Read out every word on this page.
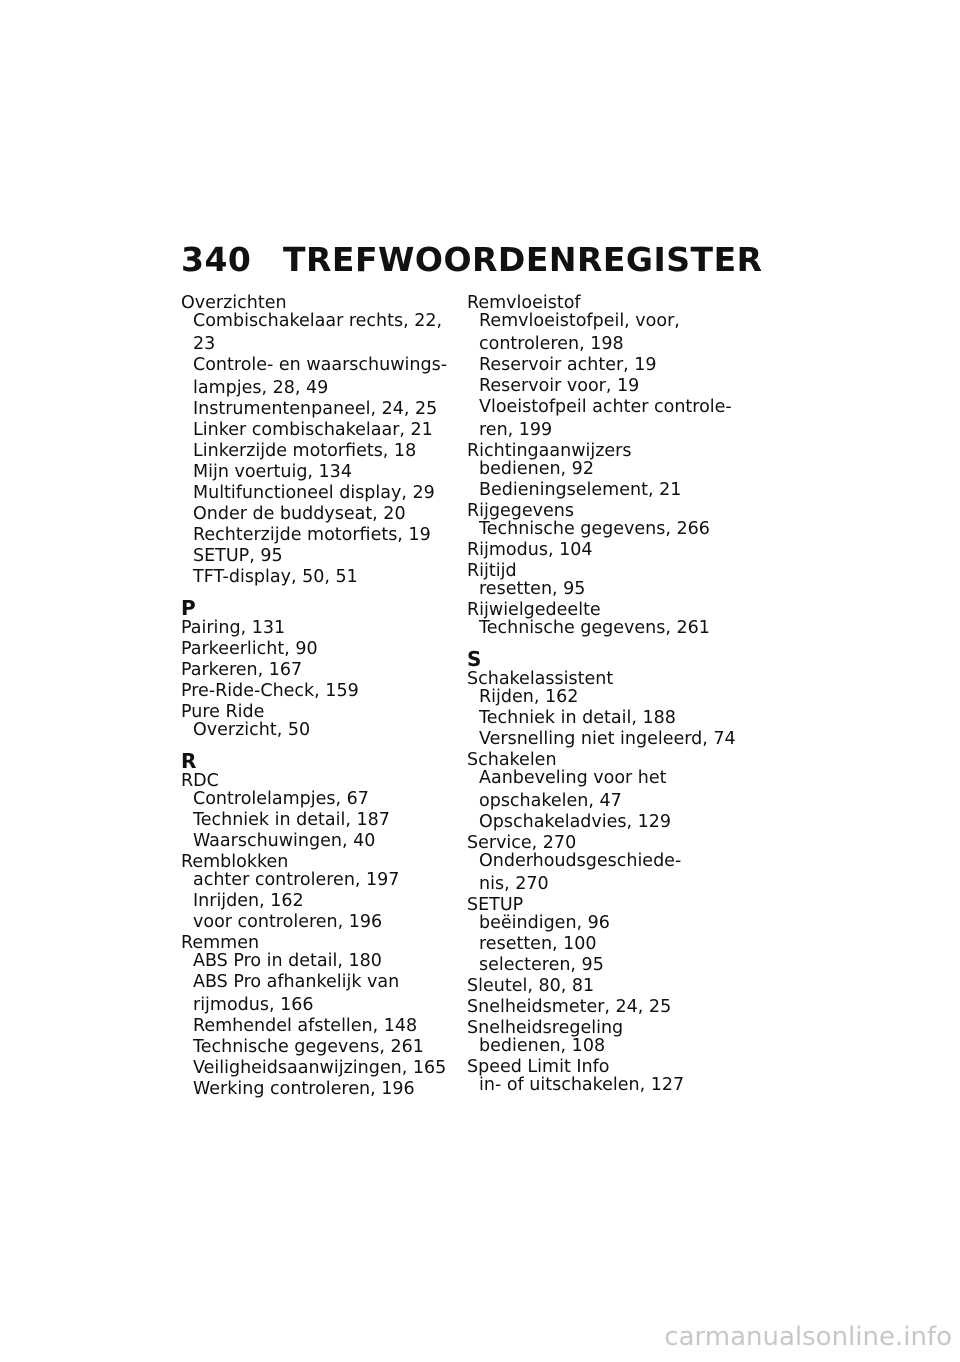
340 TREFWOORDENREGISTER
Overzichten
Combischakelaar rechts, 22,
23
Controle- en waarschuwings-
lampjes, 28, 49
Instrumentenpaneel, 24, 25
Linker combischakelaar, 21
Linkerzijde motorfiets, 18
Mijn voertuig, 134
Multifunctioneel display, 29
Onder de buddyseat, 20
Rechterzijde motorfiets, 19
SETUP, 95
TFT-display, 50, 51
P
Pairing, 131
Parkeerlicht, 90
Parkeren, 167
Pre-Ride-Check, 159
Pure Ride
Overzicht, 50
R
RDC
Controlelampjes, 67
Techniek in detail, 187
Waarschuwingen, 40
Remblokken
achter controleren, 197
Inrijden, 162
voor controleren, 196
Remmen
ABS Pro in detail, 180
ABS Pro afhankelijk van
rijmodus, 166
Remhendel afstellen, 148
Technische gegevens, 261
Veiligheidsaanwijzingen, 165
Werking controleren, 196
Remvloeistof
Remvloeistofpeil, voor,
controleren, 198
Reservoir achter, 19
Reservoir voor, 19
Vloeistofpeil achter controle-
ren, 199
Richtingaanwijzers
bedienen, 92
Bedieningselement, 21
Rijgegevens
Technische gegevens, 266
Rijmodus, 104
Rijtijd
resetten, 95
Rijwielgedeelte
Technische gegevens, 261
S
Schakelassistent
Rijden, 162
Techniek in detail, 188
Versnelling niet ingeleerd, 74
Schakelen
Aanbeveling voor het
opschakelen, 47
Opschakeladvies, 129
Service, 270
Onderhoudsgeschiede-
nis, 270
SETUP
beëindigen, 96
resetten, 100
selecteren, 95
Sleutel, 80, 81
Snelheidsmeter, 24, 25
Snelheidsregeling
bedienen, 108
Speed Limit Info
in- of uitschakelen, 127
carmanualsonline.info
